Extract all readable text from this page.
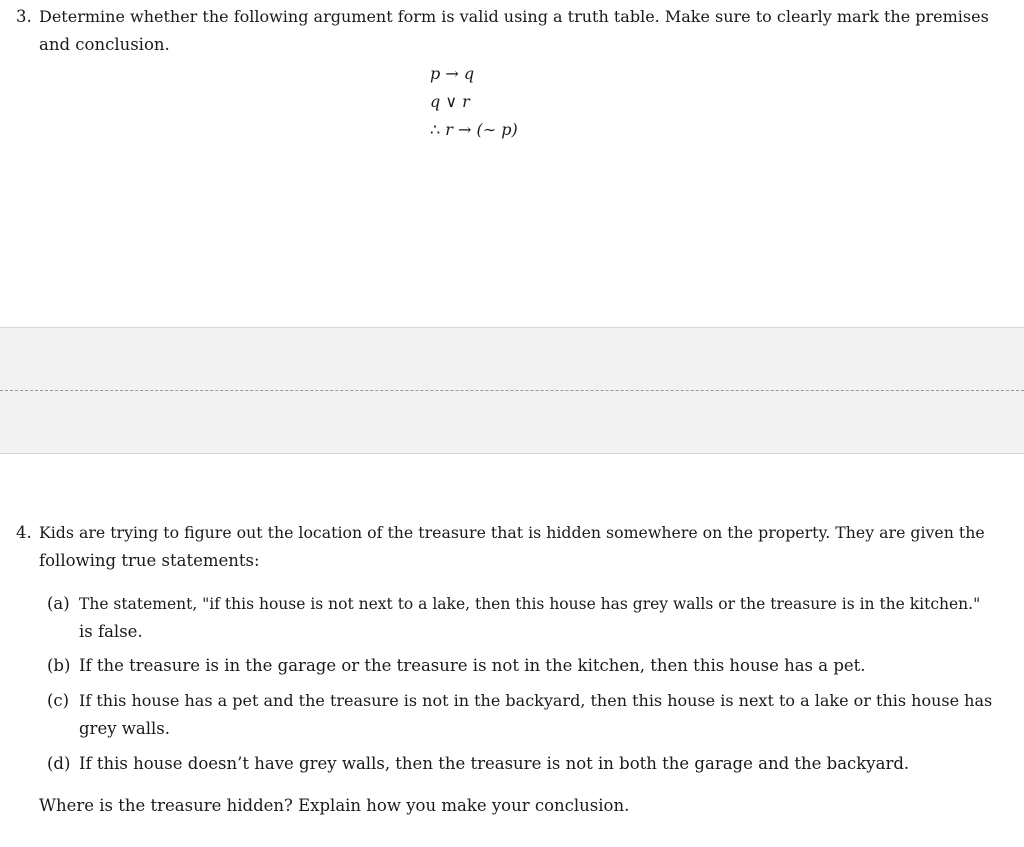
3. Determine whether the following argument form is valid using a truth table. Make sure to clearly mark the premises
and conclusion.
p → q
q ∨ r
∴ r → (∼ p)
4. Kids are trying to figure out the location of the treasure that is hidden somewhere on the property. They are given the
following true statements:
(a) The statement, "if this house is not next to a lake, then this house has grey walls or the treasure is in the kitchen."
is false.
(b) If the treasure is in the garage or the treasure is not in the kitchen, then this house has a pet.
(c) If this house has a pet and the treasure is not in the backyard, then this house is next to a lake or this house has
grey walls.
(d) If this house doesn’t have grey walls, then the treasure is not in both the garage and the backyard.
Where is the treasure hidden? Explain how you make your conclusion.
